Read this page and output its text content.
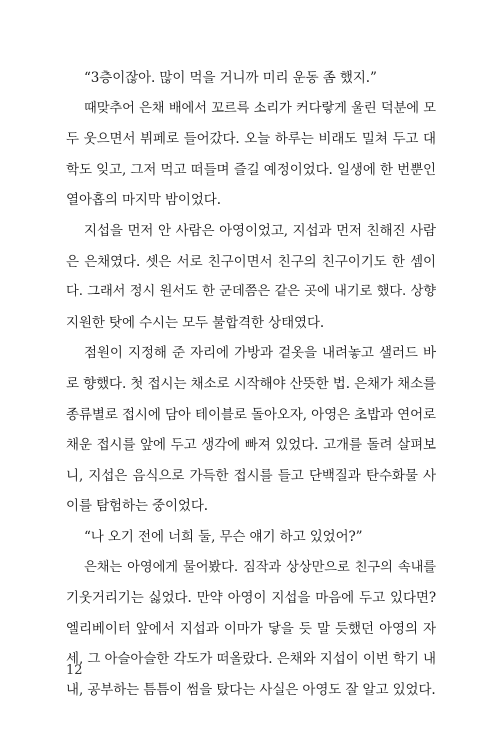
“3층이잖아. 많이 먹을 거니까 미리 운동 좀 했지.”
때맞추어 은채 배에서 꼬르륵 소리가 커다랗게 울린 덕분에 모
두 웃으면서 뷔페로 들어갔다. 오늘 하루는 비래도 밀쳐 두고 대
학도 잊고, 그저 먹고 떠들며 즐길 예정이었다. 일생에 한 번뿐인
열아홉의 마지막 밤이었다.
지섭을 먼저 안 사람은 아영이었고, 지섭과 먼저 친해진 사람
은 은채였다. 셋은 서로 친구이면서 친구의 친구이기도 한 셈이
다. 그래서 정시 원서도 한 군데쯤은 같은 곳에 내기로 했다. 상향
지원한 탓에 수시는 모두 불합격한 상태였다.
점원이 지정해 준 자리에 가방과 겉옷을 내려놓고 샐러드 바
로 향했다. 첫 접시는 채소로 시작해야 산뜻한 법. 은채가 채소를
종류별로 접시에 담아 테이블로 돌아오자, 아영은 초밥과 연어로
채운 접시를 앞에 두고 생각에 빠져 있었다. 고개를 돌려 살펴보
니, 지섭은 음식으로 가득한 접시를 들고 단백질과 탄수화물 사
이를 탐험하는 중이었다.
“나 오기 전에 너희 둘, 무슨 얘기 하고 있었어?”
은채는 아영에게 물어봤다. 짐작과 상상만으로 친구의 속내를
기웃거리기는 싫었다. 만약 아영이 지섭을 마음에 두고 있다면?
엘리베이터 앞에서 지섭과 이마가 닿을 듯 말 듯했던 아영의 자
세, 그 아슬아슬한 각도가 떠올랐다. 은채와 지섭이 이번 학기 내
내, 공부하는 틈틈이 썸을 탔다는 사실은 아영도 잘 알고 있었다.
12
